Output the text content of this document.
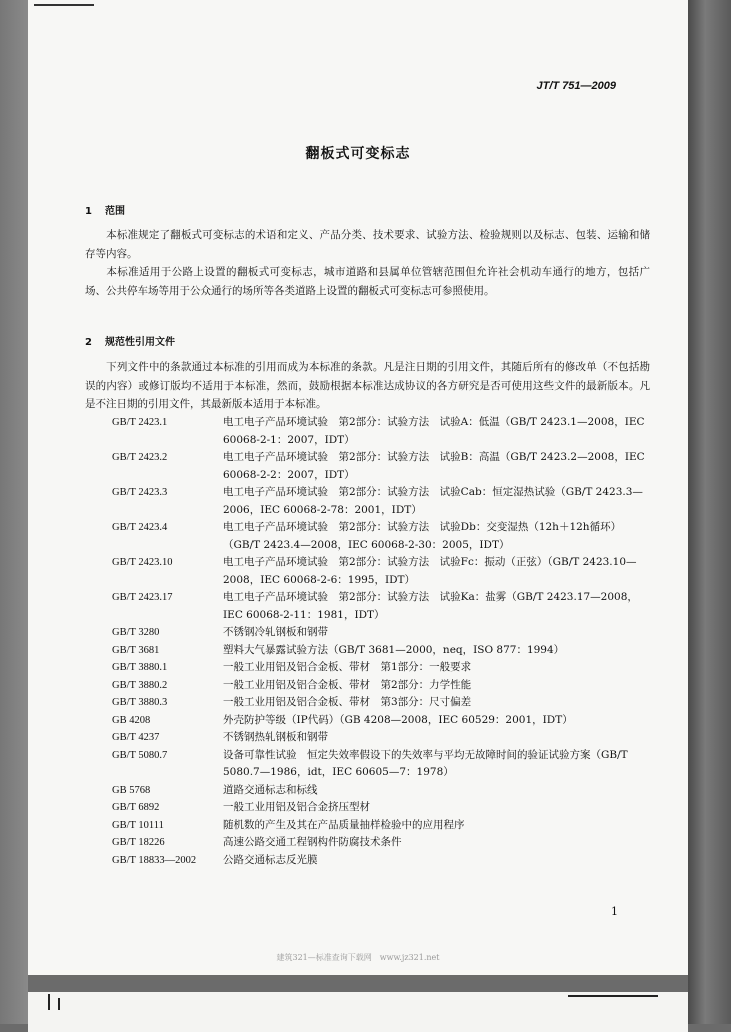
JT/T 751—2009
翻板式可变标志
1 范围
本标准规定了翻板式可变标志的术语和定义、产品分类、技术要求、试验方法、检验规则以及标志、包装、运输和储存等内容。
本标准适用于公路上设置的翻板式可变标志，城市道路和县属单位管辖范围但允许社会机动车通行的地方，包括广场、公共停车场等用于公众通行的场所等各类道路上设置的翻板式可变标志可参照使用。
2 规范性引用文件
下列文件中的条款通过本标准的引用而成为本标准的条款。凡是注日期的引用文件，其随后所有的修改单（不包括勘误的内容）或修订版均不适用于本标准，然而，鼓励根据本标准达成协议的各方研究是否可使用这些文件的最新版本。凡是不注日期的引用文件，其最新版本适用于本标准。
GB/T 2423.1	电工电子产品环境试验　第2部分：试验方法　试验A：低温（GB/T 2423.1—2008，IEC 60068-2-1：2007，IDT）
GB/T 2423.2	电工电子产品环境试验　第2部分：试验方法　试验B：高温（GB/T 2423.2—2008，IEC 60068-2-2：2007，IDT）
GB/T 2423.3	电工电子产品环境试验　第2部分：试验方法　试验Cab：恒定湿热试验（GB/T 2423.3—2006，IEC 60068-2-78：2001，IDT）
GB/T 2423.4	电工电子产品环境试验　第2部分：试验方法　试验Db：交变湿热（12h＋12h循环）（GB/T 2423.4—2008，IEC 60068-2-30：2005，IDT）
GB/T 2423.10	电工电子产品环境试验　第2部分：试验方法　试验Fc：振动（正弦）（GB/T 2423.10—2008，IEC 60068-2-6：1995，IDT）
GB/T 2423.17	电工电子产品环境试验　第2部分：试验方法　试验Ka：盐雾（GB/T 2423.17—2008，IEC 60068-2-11：1981，IDT）
GB/T 3280	不锈钢冷轧钢板和钢带
GB/T 3681	塑料大气暴露试验方法（GB/T 3681—2000，neq，ISO 877：1994）
GB/T 3880.1	一般工业用铝及铝合金板、带材　第1部分：一般要求
GB/T 3880.2	一般工业用铝及铝合金板、带材　第2部分：力学性能
GB/T 3880.3	一般工业用铝及铝合金板、带材　第3部分：尺寸偏差
GB 4208	外壳防护等级（IP代码）（GB 4208—2008，IEC 60529：2001，IDT）
GB/T 4237	不锈钢热轧钢板和钢带
GB/T 5080.7	设备可靠性试验　恒定失效率假设下的失效率与平均无故障时间的验证试验方案（GB/T 5080.7—1986，idt，IEC 60605—7：1978）
GB 5768	道路交通标志和标线
GB/T 6892	一般工业用铝及铝合金挤压型材
GB/T 10111	随机数的产生及其在产品质量抽样检验中的应用程序
GB/T 18226	高速公路交通工程钢构件防腐技术条件
GB/T 18833—2002	公路交通标志反光膜
1
建筑321—标准查询下载网　www.jz321.net
